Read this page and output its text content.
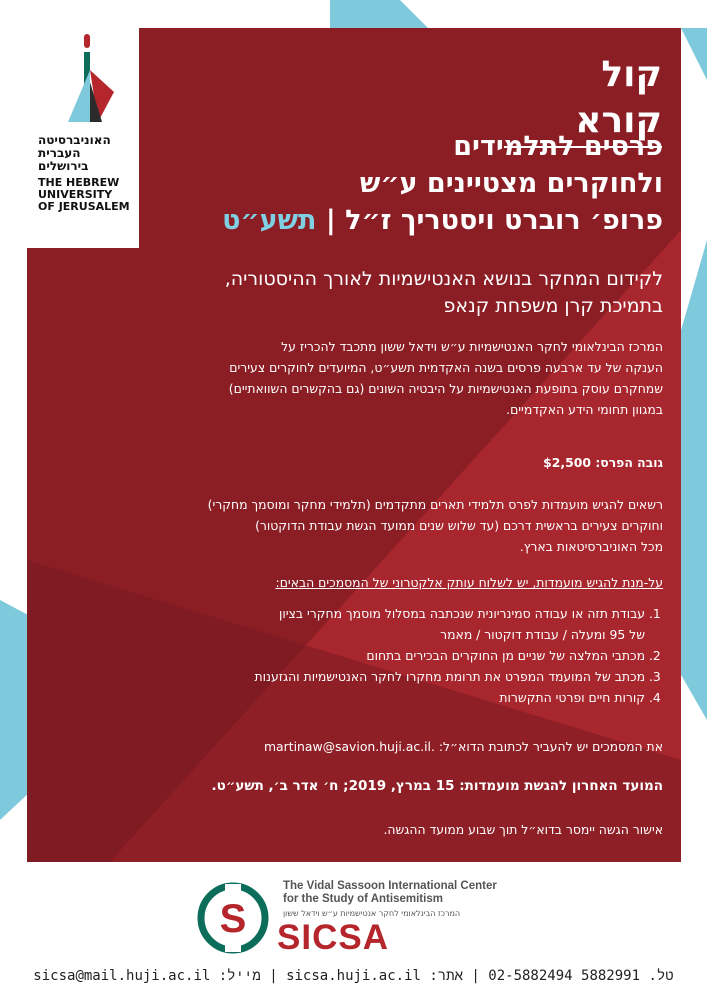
האוניברסיטה
העברית
בירושלים
THE HEBREW
UNIVERSITY
OF JERUSALEM
קול קורא
פרסים לתלמידים
ולחוקרים מצטיינים ע״ש
פרופ׳ רוברט ויסטריך ז״ל | תשע״ט
לקידום המחקר בנושא האנטישמיות לאורך ההיסטוריה,
בתמיכת קרן משפחת קנאפ
המרכז הבינלאומי לחקר האנטישמיות ע״ש וידאל ששון מתכבד להכריז על
הענקה של עד ארבעה פרסים בשנה האקדמית תשע״ט, המיועדים לחוקרים צעירים
שמחקרם עוסק בתופעת האנטישמיות על היבטיה השונים (גם בהקשרים השוואתיים)
במגוון תחומי הידע האקדמיים.
גובה הפרס: $2,500
רשאים להגיש מועמדות לפרס תלמידי תארים מתקדמים (תלמידי מחקר ומוסמך מחקרי)
וחוקרים צעירים בראשית דרכם (עד שלוש שנים ממועד הגשת עבודת הדוקטור)
מכל האוניברסיטאות בארץ.
על-מנת להגיש מועמדות, יש לשלוח עותק אלקטרוני של המסמכים הבאים:
1. עבודת תזה או עבודה סמינריונית שנכתבה במסלול מוסמך מחקרי בציון
של 95 ומעלה / עבודת דוקטור / מאמר
2. מכתבי המלצה של שניים מן החוקרים הבכירים בתחום
3. מכתב של המועמד המפרט את תרומת מחקרו לחקר האנטישמיות והגזענות
4. קורות חיים ופרטי התקשרות
את המסמכים יש להעביר לכתובת הדוא״ל: martinaw@savion.huji.ac.il.
המועד האחרון להגשת מועמדות: 15 במרץ, 2019; ח׳ אדר ב׳, תשע״ט.
אישור הגשה יימסר בדוא״ל תוך שבוע ממועד ההגשה.
S
The Vidal Sassoon International Center
for the Study of Antisemitism
המרכז הבינלאומי לחקר אנטישמיות ע״ש וידאל ששון
SICSA
טל. 5882991 02-5882494 | אתר: sicsa.huji.ac.il | מייל: sicsa@mail.huji.ac.il
